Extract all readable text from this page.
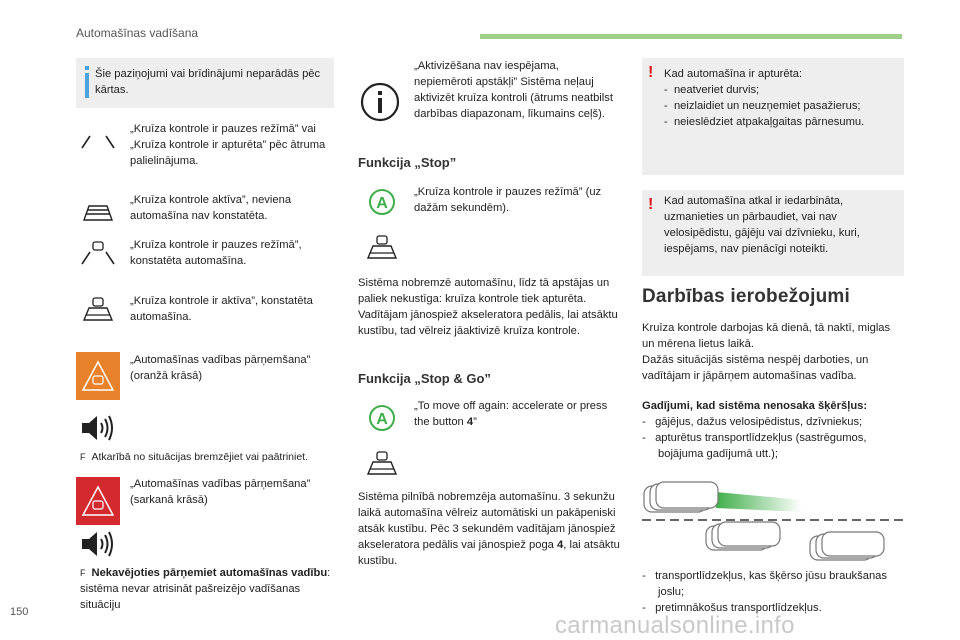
Automašīnas vadīšana
Šie paziņojumi vai brīdinājumi neparādās pēc kārtas.
„Kruīza kontrole ir pauzes režīmā” vai „Kruīza kontrole ir apturēta” pēc ātruma palielinājuma.
„Kruīza kontrole aktīva”, neviena automašīna nav konstatēta.
„Kruīza kontrole ir pauzes režīmā”, konstatēta automašīna.
„Kruīza kontrole ir aktīva”, konstatēta automašīna.
„Automašīnas vadības pārņemšana” (oranžā krāsā)
F Atkarībā no situācijas bremzējiet vai paātriniet.
„Automašīnas vadības pārņemšana” (sarkanā krāsā)
F Nekavējoties pārņemiet automašīnas vadību: sistēma nevar atrisināt pašreizējo vadīšanas situāciju
„Aktivizēšana nav iespējama, nepiemēroti apstākļi” Sistēma neļauj aktivizēt kruīza kontroli (ātrums neatbilst darbības diapazonam, līkumains ceļš).
Funkcija „Stop”
A
„Kruīza kontrole ir pauzes režīmā” (uz dažām sekundēm).
Sistēma nobremzē automašīnu, līdz tā apstājas un paliek nekustīga: kruīza kontrole tiek apturēta. Vadītājam jānospiež akseleratora pedālis, lai atsāktu kustību, tad vēlreiz jāaktivizē kruīza kontrole.
Funkcija „Stop & Go”
A
„To move off again: accelerate or press the button 4”
Sistēma pilnībā nobremzēja automašīnu. 3 sekunžu laikā automašīna vēlreiz automātiski un pakāpeniski atsāk kustību. Pēc 3 sekundēm vadītājam jānospiež akseleratora pedālis vai jānospiež poga 4, lai atsāktu kustību.
! Kad automašīna ir apturēta:
-  neatveriet durvis;
-  neizlaidiet un neuzņemiet pasažierus;
-  neieslēdziet atpakaļgaitas pārnesumu.
! Kad automašīna atkal ir iedarbināta, uzmanieties un pārbaudiet, vai nav velosipēdistu, gājēju vai dzīvnieku, kuri, iespējams, nav pienācīgi noteikti.
Darbības ierobežojumi
Kruīza kontrole darbojas kā dienā, tā naktī, miglas un mērena lietus laikā.
Dažās situācijās sistēma nespēj darboties, un vadītājam ir jāpārņem automašīnas vadība.
Gadījumi, kad sistēma nenosaka šķēršļus:
-   gājējus, dažus velosipēdistus, dzīvniekus;
-   apturētus transportlīdzekļus (sastrēgumos, bojājuma gadījumā utt.);
-   transportlīdzekļus, kas šķērso jūsu braukšanas joslu;
-   pretimnākošus transportlīdzekļus.
150	carmanualsonline.info
